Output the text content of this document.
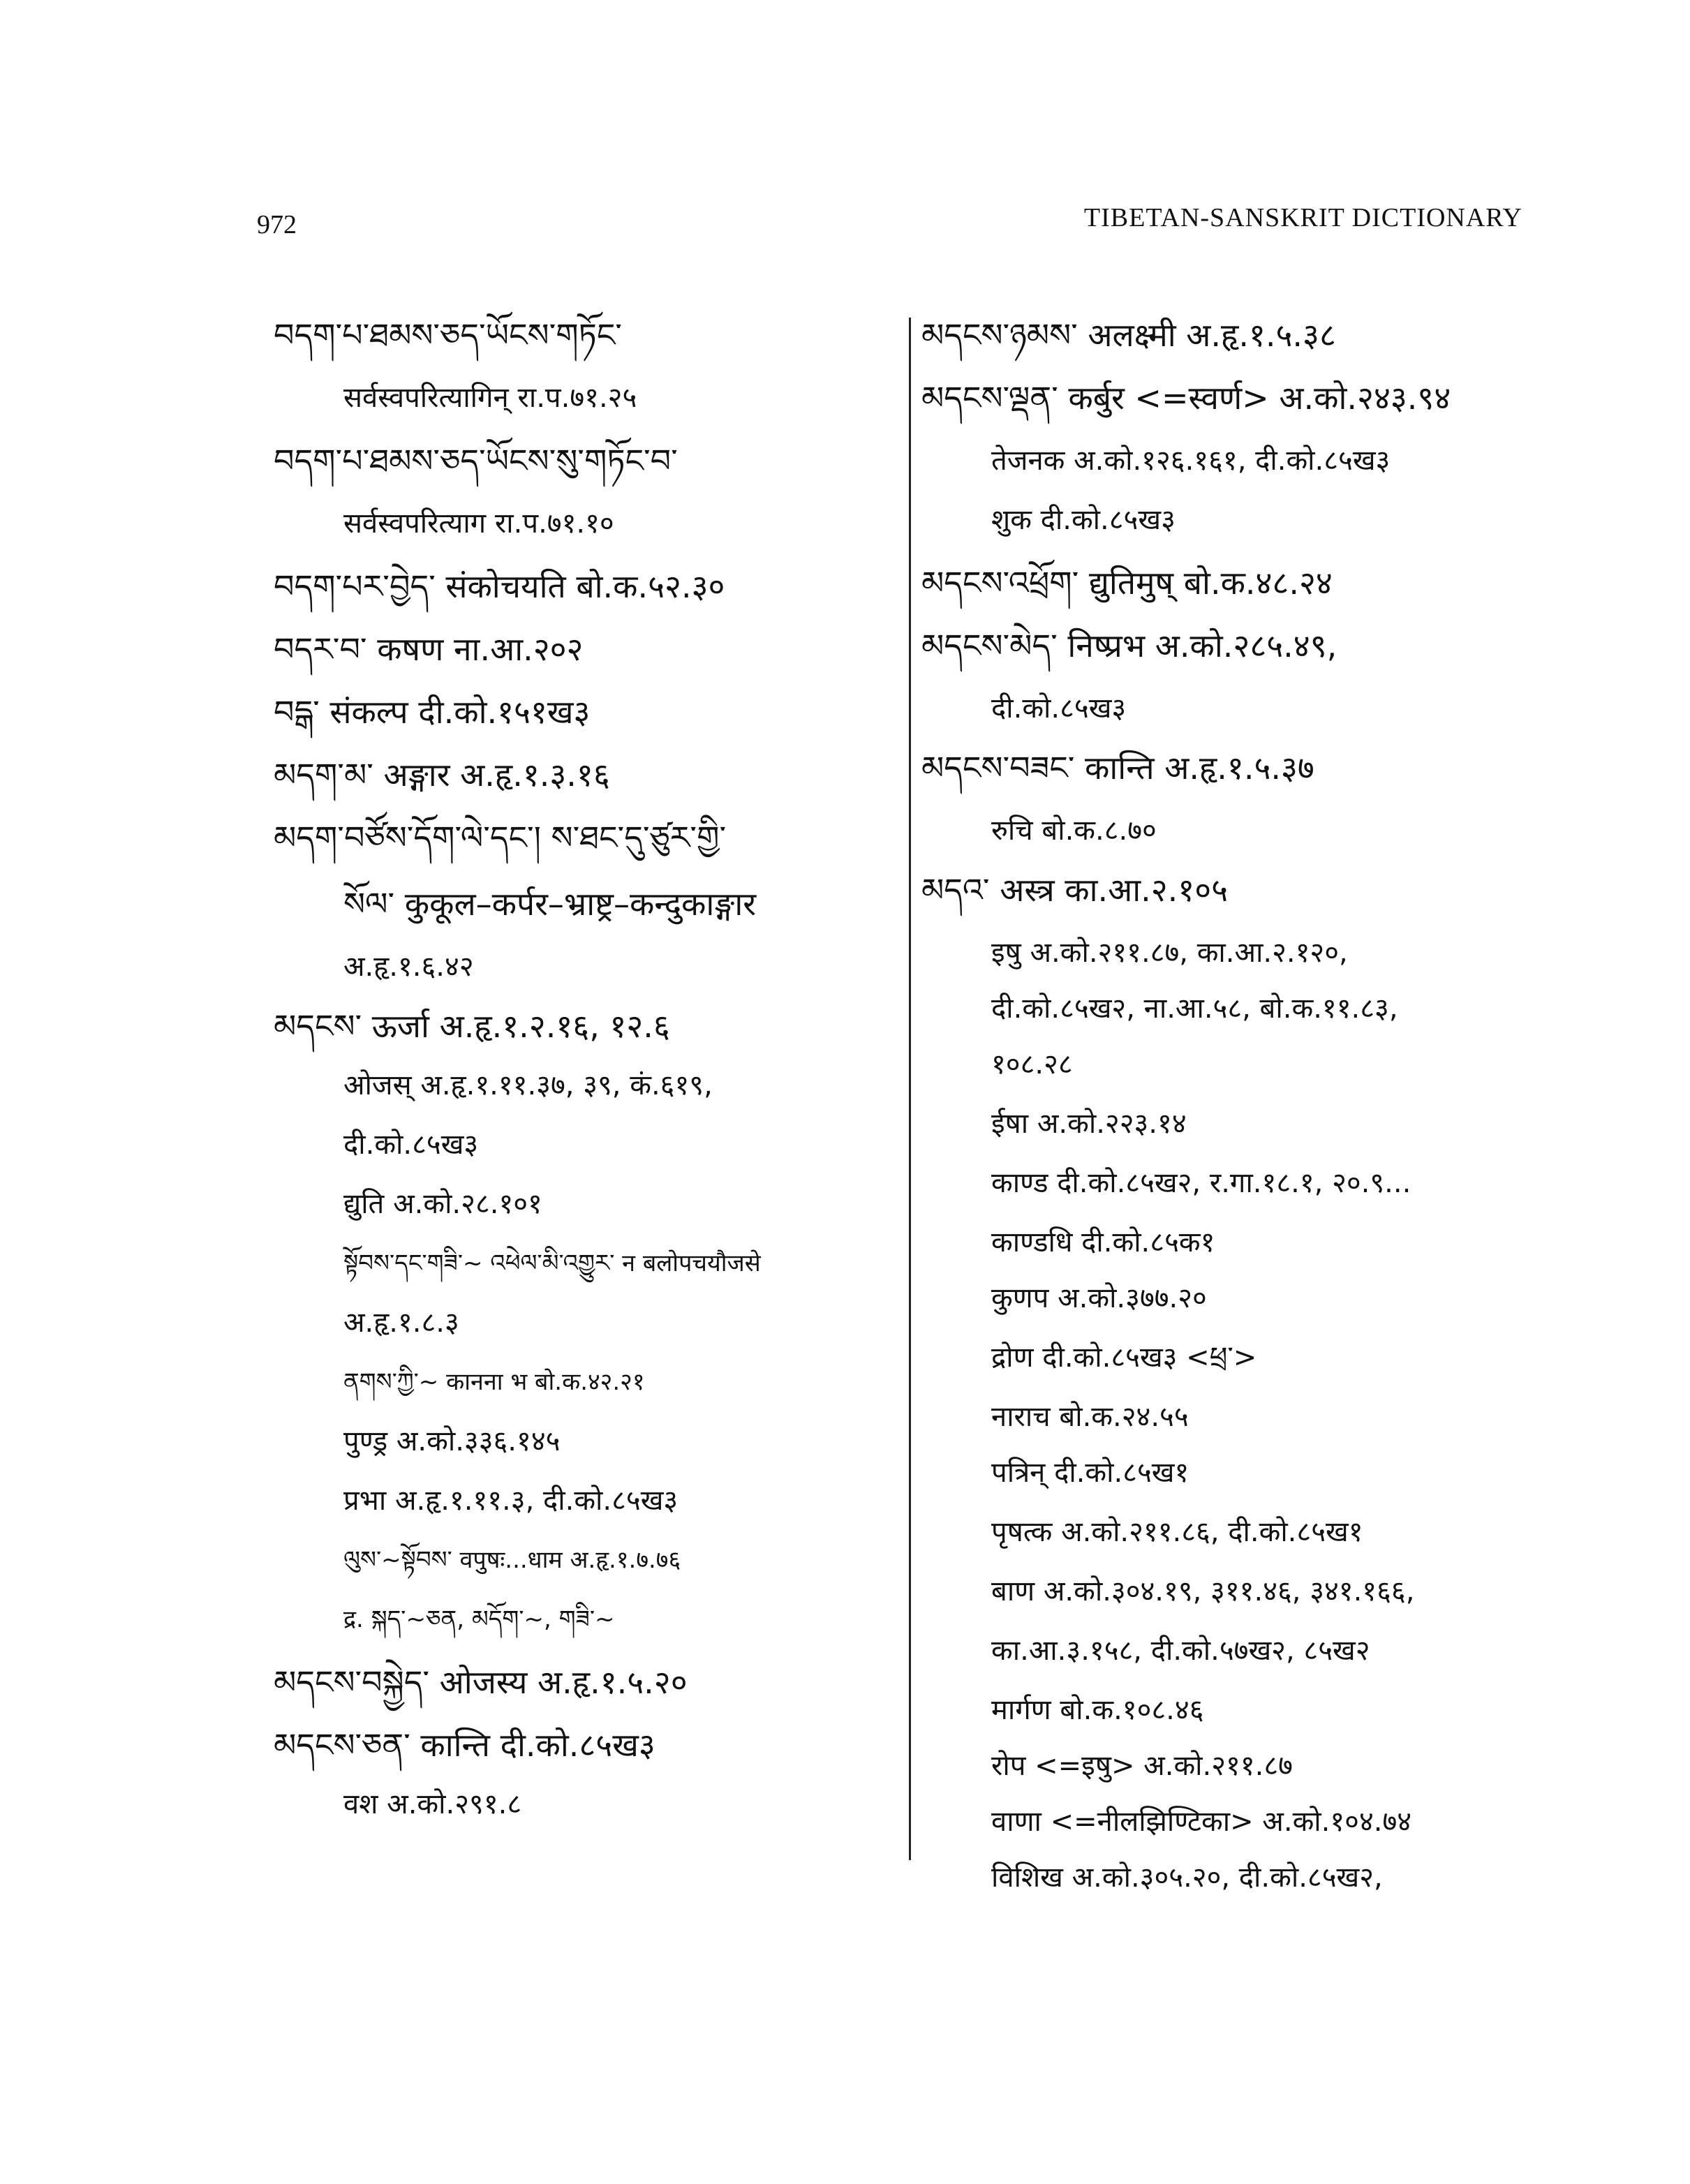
972	TIBETAN-SANSKRIT DICTIONARY
བདག་པ་ཐམས་ཅད་ཡོངས་གཏོང་
सर्वस्वपरित्यागिन् रा.प.७१.२५
བདག་པ་ཐམས་ཅད་ཡོངས་སུ་གཏོང་བ་
सर्वस्वपरित्याग रा.प.७१.१०
བདག་པར་བྱེད་ संकोचयति बो.क.५२.३०
བདར་བ་ कषण ना.आ.२०२
བདྒ་ संकल्प दी.को.१५१ख३
མདག་མ་ अङ्गार अ.हृ.१.३.१६
མདག་བཙོས་དོག་ལེ་དང་། ས་ཐང་དུ་ཙུར་གྱི་
སོལ་ कुकूल–कर्पर–भ्राष्ट्र–कन्दुकाङ्गार
अ.हृ.१.६.४२
མདངས་ ऊर्जा अ.हृ.१.२.१६, १२.६
ओजस् अ.हृ.१.११.३७, ३९, कं.६१९,
दी.को.८५ख३
द्युति अ.को.२८.१०१
སྟོབས་དང་གཟི་~ འཕེལ་མི་འགྱུར་ न बलोपचयौजसे
अ.हृ.१.८.३
ནགས་ཀྱི་~ कानना भ बो.क.४२.२१
पुण्ड्र अ.को.३३६.१४५
प्रभा अ.हृ.१.११.३, दी.को.८५ख३
ལུས་~སྟོབས་ वपुषः...धाम अ.हृ.१.७.७६
द्र. སྐད་~ཅན, མདོག་~, གཟི་~
མདངས་བསྐྱེད་ ओजस्य अ.हृ.१.५.२०
མདངས་ཅན་ कान्ति दी.को.८५ख३
वश अ.को.२९१.८
མདངས་ཉམས་ अलक्ष्मी अ.हृ.१.५.३८
མདངས་ལྡན་ कर्बुर <=स्वर्ण> अ.को.२४३.९४
तेजनक अ.को.१२६.१६१, दी.को.८५ख३
शुक दी.को.८५ख३
མདངས་འཕྲོག་ द्युतिमुष् बो.क.४८.२४
མདངས་མེད་ निष्प्रभ अ.को.२८५.४९,
दी.को.८५ख३
མདངས་བཟང་ कान्ति अ.हृ.१.५.३७
रुचि बो.क.८.७०
མདའ་ अस्त्र का.आ.२.१०५
इषु अ.को.२११.८७, का.आ.२.१२०,
दी.को.८५ख२, ना.आ.५८, बो.क.११.८३,
१०८.२८
ईषा अ.को.२२३.१४
काण्ड दी.को.८५ख२, र.गा.१८.१, २०.९...
काण्डधि दी.को.८५क१
कुणप अ.को.३७७.२०
द्रोण दी.को.८५ख३ <ཕྲ་>
नाराच बो.क.२४.५५
पत्रिन् दी.को.८५ख१
पृषत्क अ.को.२११.८६, दी.को.८५ख१
बाण अ.को.३०४.१९, ३११.४६, ३४१.१६६,
का.आ.३.१५८, दी.को.५७ख२, ८५ख२
मार्गण बो.क.१०८.४६
रोप <=इषु> अ.को.२११.८७
वाणा <=नीलझिण्टिका> अ.को.१०४.७४
विशिख अ.को.३०५.२०, दी.को.८५ख२,
